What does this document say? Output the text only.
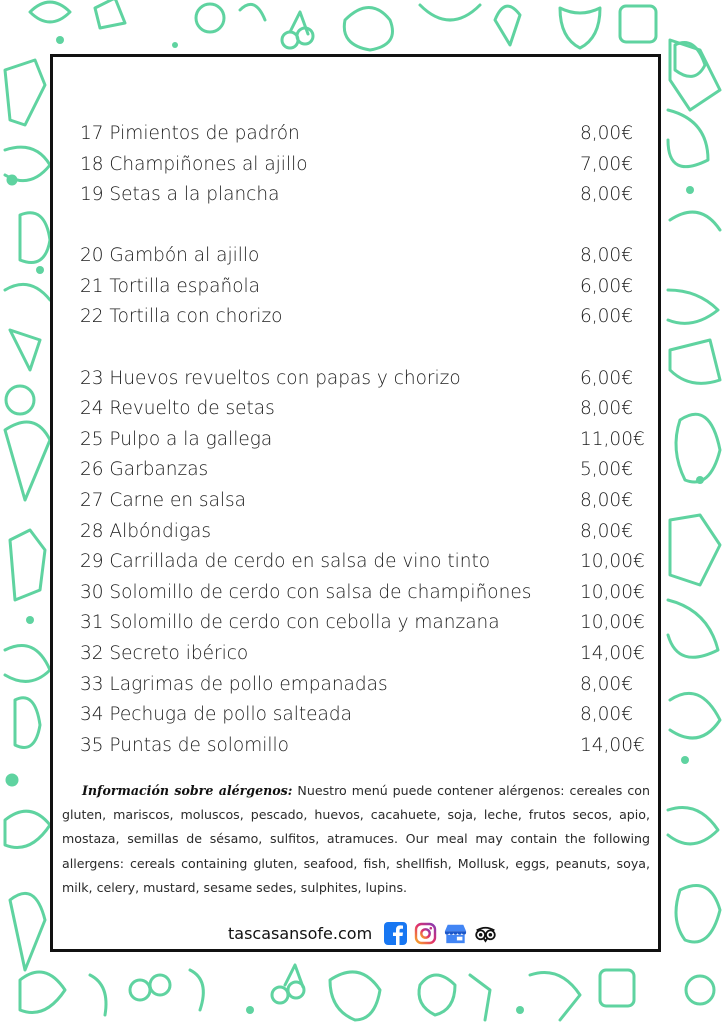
17 Pimientos de padrón	8,00€
18 Champiñones al ajillo	7,00€
19 Setas a la plancha	8,00€
20 Gambón al ajillo	8,00€
21 Tortilla española	6,00€
22 Tortilla con chorizo	6,00€
23 Huevos revueltos con papas y chorizo	6,00€
24 Revuelto de setas	8,00€
25 Pulpo a la gallega	11,00€
26 Garbanzas	5,00€
27 Carne en salsa	8,00€
28 Albóndigas	8,00€
29 Carrillada de cerdo en salsa de vino tinto	10,00€
30 Solomillo de cerdo con salsa de champiñones	10,00€
31 Solomillo de cerdo con cebolla y manzana	10,00€
32 Secreto ibérico	14,00€
33 Lagrimas de pollo empanadas	8,00€
34 Pechuga de pollo salteada	8,00€
35 Puntas de solomillo	14,00€
Información sobre alérgenos: Nuestro menú puede contener alérgenos: cereales con gluten, mariscos, moluscos, pescado, huevos, cacahuete, soja, leche, frutos secos, apio, mostaza, semillas de sésamo, sulfitos, atramuces. Our meal may contain the following allergens: cereals containing gluten, seafood, fish, shellfish, Mollusk, eggs, peanuts, soya, milk, celery, mustard, sesame sedes, sulphites, lupins.
tascasansofe.com
